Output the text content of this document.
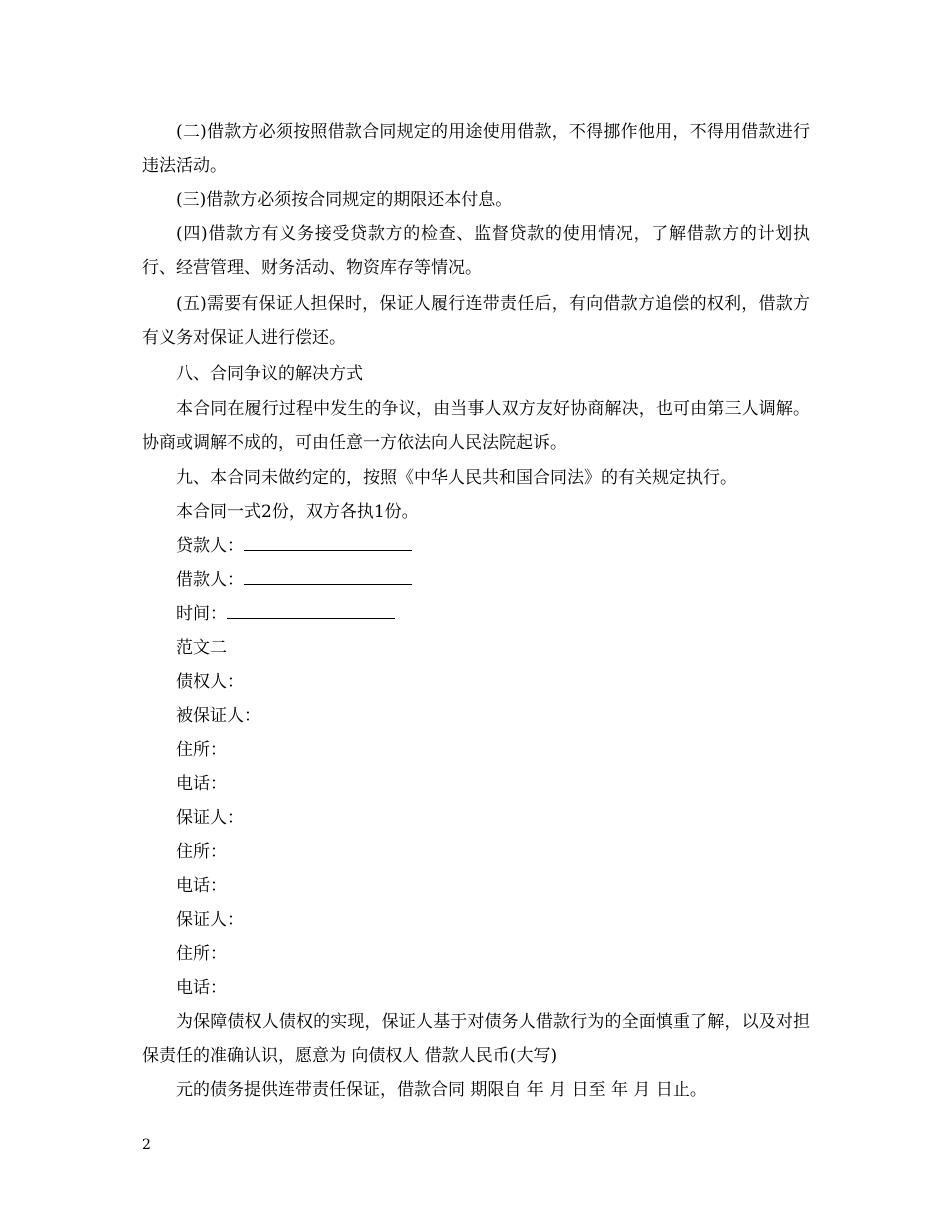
(二)借款方必须按照借款合同规定的用途使用借款，不得挪作他用，不得用借款进行违法活动。

(三)借款方必须按合同规定的期限还本付息。

(四)借款方有义务接受贷款方的检查、监督贷款的使用情况，了解借款方的计划执行、经营管理、财务活动、物资库存等情况。

(五)需要有保证人担保时，保证人履行连带责任后，有向借款方追偿的权利，借款方有义务对保证人进行偿还。

八、合同争议的解决方式

本合同在履行过程中发生的争议，由当事人双方友好协商解决，也可由第三人调解。协商或调解不成的，可由任意一方依法向人民法院起诉。

九、本合同未做约定的，按照《中华人民共和国合同法》的有关规定执行。

本合同一式2份，双方各执1份。

贷款人：

借款人：

时间：

范文二

债权人：

被保证人：

住所：

电话：

保证人：

住所：

电话：

保证人：

住所：

电话：

为保障债权人债权的实现，保证人基于对债务人借款行为的全面慎重了解，以及对担保责任的准确认识，愿意为 向债权人 借款人民币(大写)

元的债务提供连带责任保证，借款合同 期限自 年 月 日至 年 月 日止。

2
